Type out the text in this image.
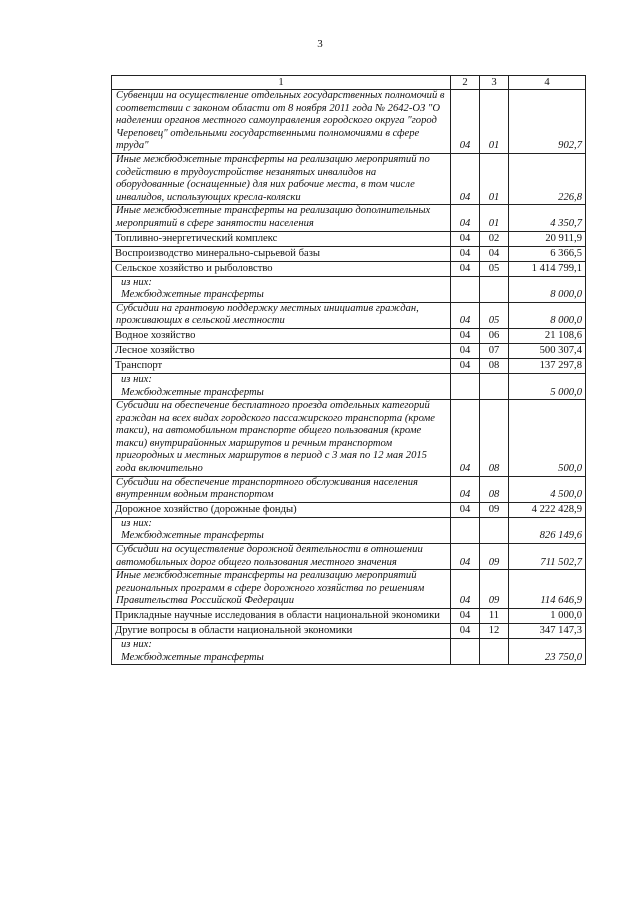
3
1	2	3	4
Субвенции на осуществление отдельных государственных полномочий в соответствии с законом области от 8 ноября 2011 года № 2642-ОЗ "О наделении органов местного самоуправления городского округа "город Череповец" отдельными государственными полномочиями в сфере труда"	04	01	902,7
Иные межбюджетные трансферты на реализацию мероприятий по содействию в трудоустройстве незанятых инвалидов на оборудованные (оснащенные) для них рабочие места, в том числе инвалидов, использующих кресла-коляски	04	01	226,8
Иные межбюджетные трансферты на реализацию дополнительных мероприятий в сфере занятости населения	04	01	4 350,7
Топливно-энергетический комплекс	04	02	20 911,9
Воспроизводство минерально-сырьевой базы	04	04	6 366,5
Сельское хозяйство и рыболовство	04	05	1 414 799,1

из них:
Межбюджетные трансферты			8 000,0
Субсидии на грантовую поддержку местных инициатив граждан, проживающих в сельской местности	04	05	8 000,0
Водное хозяйство	04	06	21 108,6
Лесное хозяйство	04	07	500 307,4
Транспорт	04	08	137 297,8

из них:
Межбюджетные трансферты			5 000,0
Субсидии на обеспечение бесплатного проезда отдельных категорий граждан на всех видах городского пассажирского транспорта (кроме такси), на автомобильном транспорте общего пользования (кроме такси) внутрирайонных маршрутов и речным транспортом пригородных и местных маршрутов в период с 3 мая по 12 мая 2015 года включительно	04	08	500,0
Субсидии на обеспечение транспортного обслуживания населения внутренним водным транспортом	04	08	4 500,0
Дорожное хозяйство (дорожные фонды)	04	09	4 222 428,9

из них:
Межбюджетные трансферты			826 149,6
Субсидии на осуществление дорожной деятельности в отношении автомобильных дорог общего пользования местного значения	04	09	711 502,7
Иные межбюджетные трансферты на реализацию мероприятий региональных программ в сфере дорожного хозяйства по решениям Правительства Российской Федерации	04	09	114 646,9
Прикладные научные исследования в области национальной экономики	04	11	1 000,0
Другие вопросы в области национальной экономики	04	12	347 147,3

из них:
Межбюджетные трансферты			23 750,0
